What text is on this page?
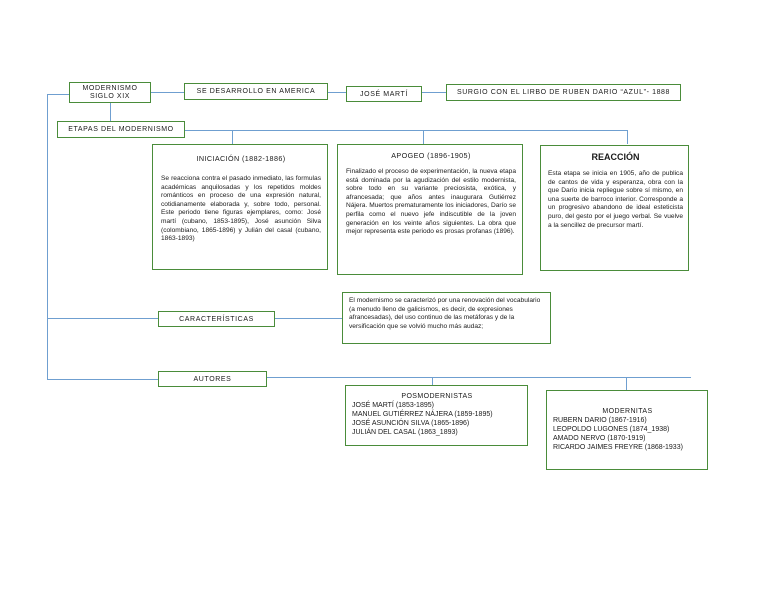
MODERNISMO
SIGLO XIX
SE DESARROLLO EN AMERICA	JOSÉ MARTÍ	SURGIO CON EL LIRBO DE RUBEN DARIO “AZUL”- 1888
ETAPAS DEL MODERNISMO
INICIACIÓN (1882-1886)
Se reacciona contra el pasado inmediato, las formulas académicas anquilosadas y los repetidos moldes románticos en proceso de una expresión natural, cotidianamente elaborada y, sobre todo, personal. Este periodo tiene figuras ejemplares, como: José martí (cubano, 1853-1895), José asunción Silva (colombiano, 1865-1896) y Julián del casal (cubano, 1863-1893)
APOGEO (1896-1905)
Finalizado el proceso de experimentación, la nueva etapa está dominada por la agudización del estilo modernista, sobre todo en su variante preciosista, exótica, y afrancesada; que años antes inaugurara Gutiérrez Nájera. Muertos prematuramente los iniciadores, Darío se perfila como el nuevo jefe indiscutible de la joven generación en los veinte años siguientes. La obra que mejor representa este periodo es prosas profanas (1896).
REACCIÓN
Esta etapa se inicia en 1905, año de publica de cantos de vida y esperanza, obra con la que Darío inicia repliegue sobre sí mismo, en una suerte de barroco interior. Corresponde a un progresivo abandono de ideal esteticista puro, del gesto por el juego verbal. Se vuelve a la sencillez de precursor martí.
CARACTERÍSTICAS
El modernismo se caracterizó por una renovación del vocabulario (a menudo lleno de galicismos, es decir, de expresiones afrancesadas), del uso continuo de las metáforas y de la versificación que se volvió mucho más audaz;
AUTORES
POSMODERNISTAS
JOSÉ MARTÍ (1853-1895)
MANUEL GUTIÉRREZ NÁJERA (1859-1895)
JOSÉ ASUNCIÓN SILVA (1865-1896)
JULIÁN DEL CASAL (1863_1893)
MODERNITAS
RUBERN DARIO (1867-1916)
LEOPOLDO LUGONES (1874_1938)
AMADO NERVO (1870-1919)
RICARDO JAIMES FREYRE (1868-1933)
